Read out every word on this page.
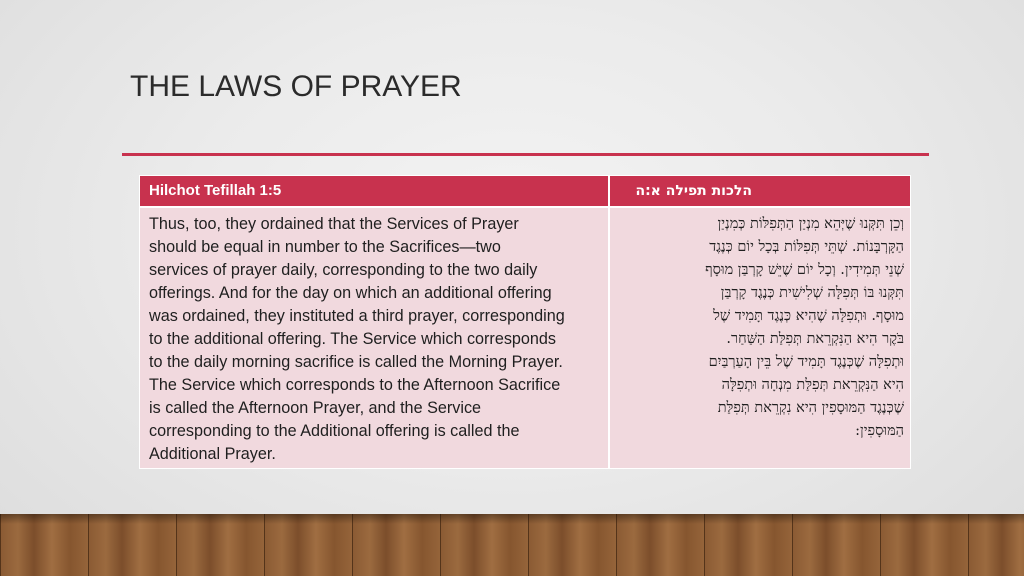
THE LAWS OF PRAYER
Hilchot Tefillah 1:5	הלכות תפילה א:ה
Thus, too, they ordained that the Services of Prayer
should be equal in number to the Sacrifices—two
services of prayer daily, corresponding to the two daily
offerings. And for the day on which an additional offering
was ordained, they instituted a third prayer, corresponding
to the additional offering. The Service which corresponds
to the daily morning sacrifice is called the Morning Prayer.
The Service which corresponds to the Afternoon Sacrifice
is called the Afternoon Prayer, and the Service
corresponding to the Additional offering is called the
Additional Prayer.
וְכֵן תִּקְּנוּ שֶׁיְּהֵא מִנְיַן הַתְּפִלּוֹת כְּמִנְיַן
הַקָּרְבָּנוֹת. שְׁתֵּי תְּפִלּוֹת בְּכָל יוֹם כְּנֶגֶד
שְׁנֵי תְּמִידִין. וְכָל יוֹם שֶׁיֵּשׁ קָרְבַּן מוּסָף
תִּקְּנוּ בּוֹ תְּפִלָּה שְׁלִישִׁית כְּנֶגֶד קָרְבַּן
מוּסָף. וּתְפִלָּה שֶׁהִיא כְּנֶגֶד תָּמִיד שֶׁל
בֹּקֶר הִיא הַנִּקְרֵאת תְּפִלַּת הַשַּׁחַר.
וּתְפִלָּה שֶׁכְּנֶגֶד תָּמִיד שֶׁל בֵּין הָעַרְבַּיִם
הִיא הַנִּקְרֵאת תְּפִלַּת מִנְחָה וּתְפִלָּה
שֶׁכְּנֶגֶד הַמּוּסָפִין הִיא נִקְרֵאת תְּפִלַּת
הַמּוּסָפִין:
